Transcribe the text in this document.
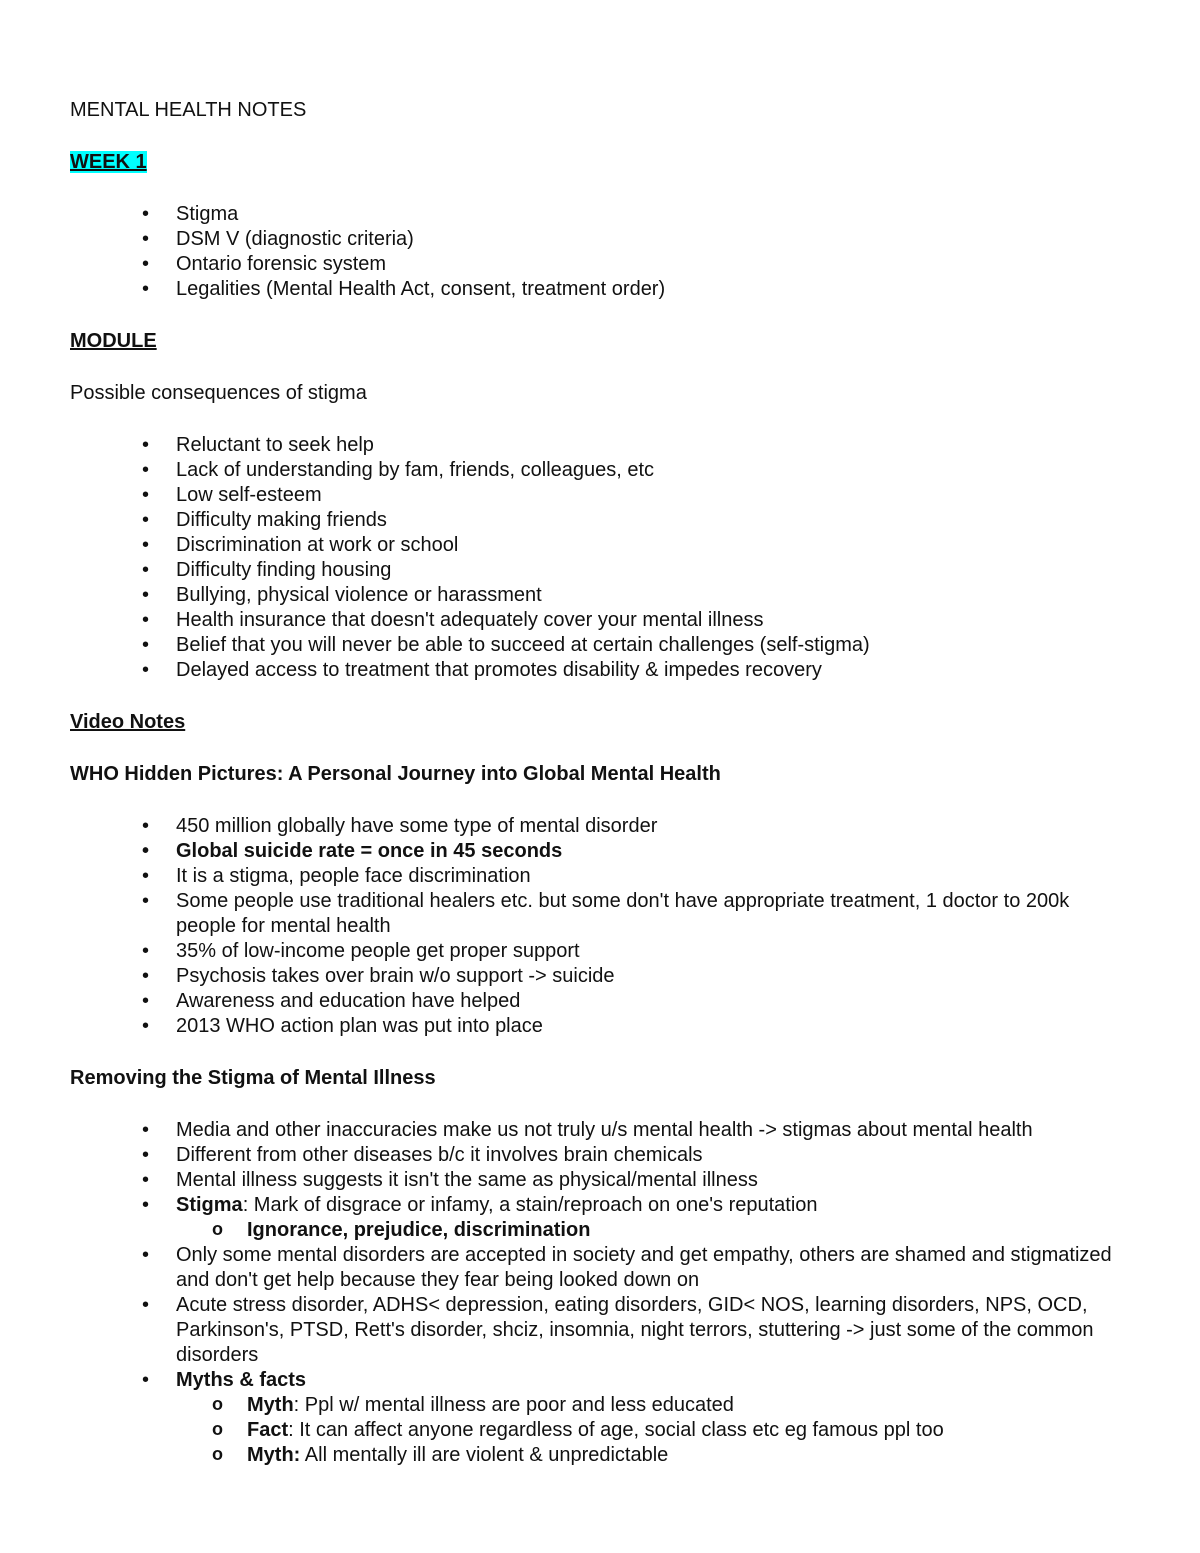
MENTAL HEALTH NOTES
WEEK 1
• Stigma
• DSM V (diagnostic criteria)
• Ontario forensic system
• Legalities (Mental Health Act, consent, treatment order)
MODULE
Possible consequences of stigma
• Reluctant to seek help
• Lack of understanding by fam, friends, colleagues, etc
• Low self-esteem
• Difficulty making friends
• Discrimination at work or school
• Difficulty finding housing
• Bullying, physical violence or harassment
• Health insurance that doesn't adequately cover your mental illness
• Belief that you will never be able to succeed at certain challenges (self-stigma)
• Delayed access to treatment that promotes disability & impedes recovery
Video Notes
WHO Hidden Pictures: A Personal Journey into Global Mental Health
• 450 million globally have some type of mental disorder
• Global suicide rate = once in 45 seconds
• It is a stigma, people face discrimination
• Some people use traditional healers etc. but some don't have appropriate treatment, 1 doctor to 200k people for mental health
• 35% of low-income people get proper support
• Psychosis takes over brain w/o support -> suicide
• Awareness and education have helped
• 2013 WHO action plan was put into place
Removing the Stigma of Mental Illness
• Media and other inaccuracies make us not truly u/s mental health -> stigmas about mental health
• Different from other diseases b/c it involves brain chemicals
• Mental illness suggests it isn't the same as physical/mental illness
• Stigma: Mark of disgrace or infamy, a stain/reproach on one's reputation
o Ignorance, prejudice, discrimination
• Only some mental disorders are accepted in society and get empathy, others are shamed and stigmatized and don't get help because they fear being looked down on
• Acute stress disorder, ADHS< depression, eating disorders, GID< NOS, learning disorders, NPS, OCD, Parkinson's, PTSD, Rett's disorder, shciz, insomnia, night terrors, stuttering -> just some of the common disorders
• Myths & facts
o Myth: Ppl w/ mental illness are poor and less educated
o Fact: It can affect anyone regardless of age, social class etc eg famous ppl too
o Myth: All mentally ill are violent & unpredictable
